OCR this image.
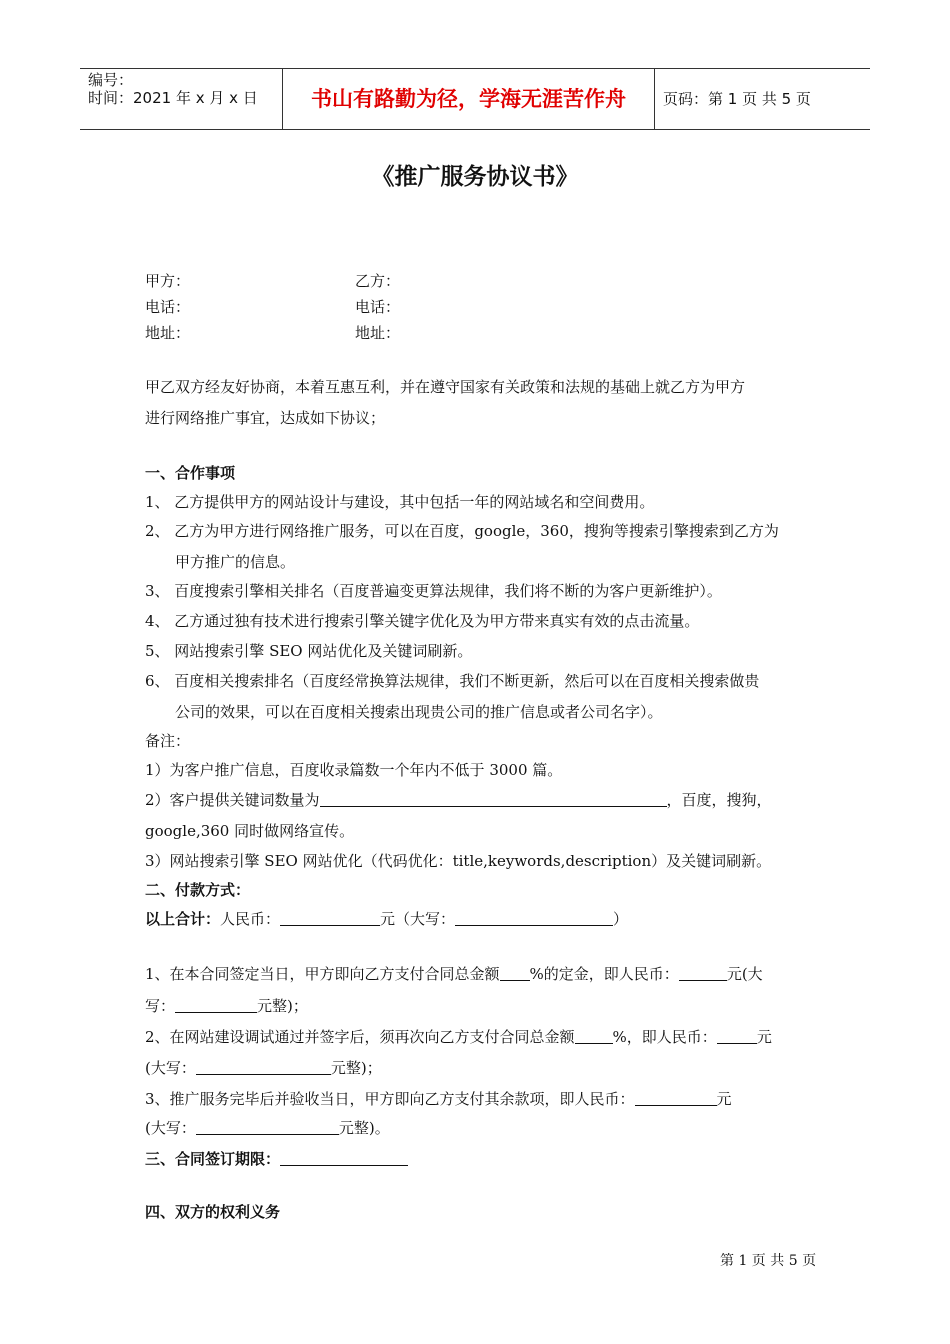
编号：
时间：2021 年 x 月 x 日	书山有路勤为径，学海无涯苦作舟	页码：第 1 页 共 5 页
《推广服务协议书》
甲方：	乙方：
电话：	电话：
地址：	地址：
甲乙双方经友好协商，本着互惠互利，并在遵守国家有关政策和法规的基础上就乙方为甲方
进行网络推广事宜，达成如下协议；
一、合作事项
1、 乙方提供甲方的网站设计与建设，其中包括一年的网站域名和空间费用。
2、 乙方为甲方进行网络推广服务，可以在百度，google，360，搜狗等搜索引擎搜索到乙方为
甲方推广的信息。
3、 百度搜索引擎相关排名（百度普遍变更算法规律，我们将不断的为客户更新维护）。
4、 乙方通过独有技术进行搜索引擎关键字优化及为甲方带来真实有效的点击流量。
5、 网站搜索引擎 SEO 网站优化及关键词刷新。
6、 百度相关搜索排名（百度经常换算法规律，我们不断更新，然后可以在百度相关搜索做贵
公司的效果，可以在百度相关搜索出现贵公司的推广信息或者公司名字）。
备注：
1）为客户推广信息，百度收录篇数一个年内不低于 3000 篇。
2）客户提供关键词数量为	，百度，搜狗，
google,360 同时做网络宣传。
3）网站搜索引擎 SEO 网站优化（代码优化：title,keywords,description）及关键词刷新。
二、付款方式：
以上合计：人民币：	元（大写：	）
1、在本合同签定当日，甲方即向乙方支付合同总金额 %的定金，即人民币：	元(大
写：	元整)；
2、在网站建设调试通过并签字后，须再次向乙方支付合同总金额	%，即人民币：	元
(大写：	元整)；
3、推广服务完毕后并验收当日，甲方即向乙方支付其余款项，即人民币：	元
(大写：	元整)。
三、合同签订期限：
四、双方的权利义务
第 1 页 共 5 页
